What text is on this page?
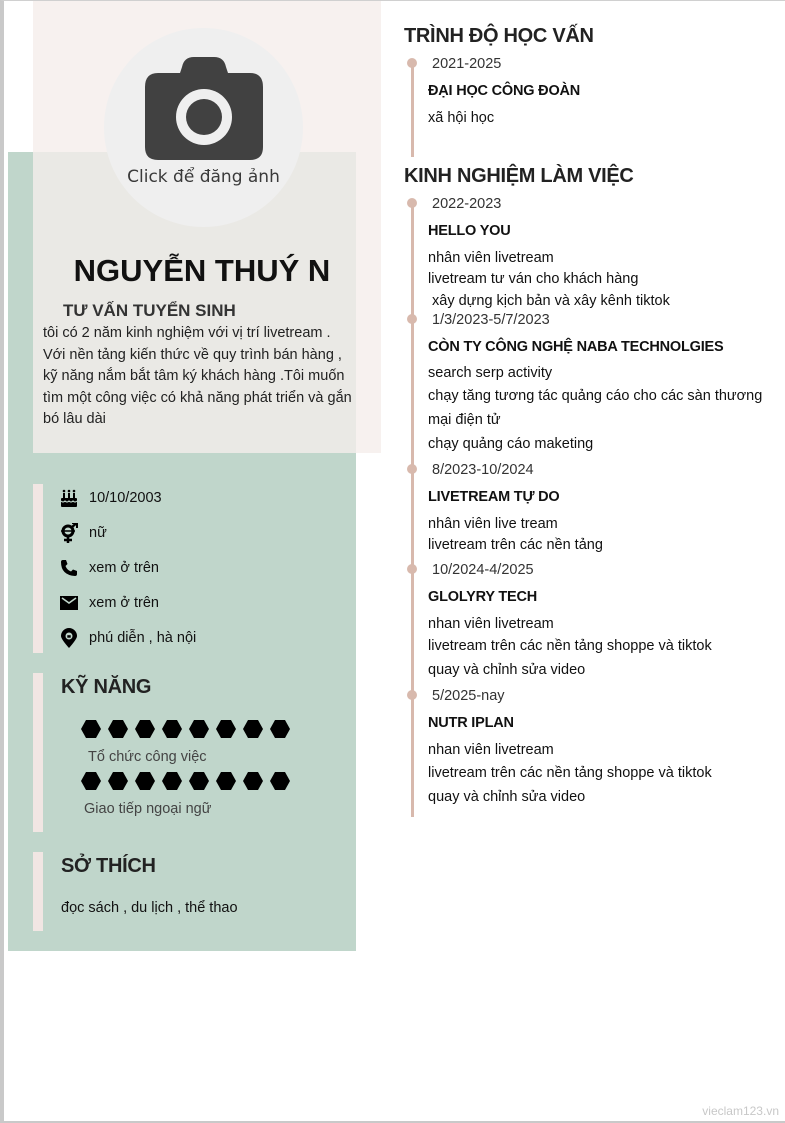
Click để đăng ảnh
NGUYỄN THUÝ N
TƯ VẤN TUYỂN SINH
tôi có 2 năm kinh nghiệm với vị trí livetream . Với nền tảng kiến thức về quy trình bán hàng , kỹ năng nắm bắt tâm ký khách hàng .Tôi muốn tìm một công việc có khả năng phát triển và gắn bó lâu dài
10/10/2003
nữ
xem ở trên
xem ở trên
phú diễn , hà nội
KỸ NĂNG
Tổ chức công việc
Giao tiếp ngoại ngữ
SỞ THÍCH
đọc sách , du lịch , thể thao
TRÌNH ĐỘ HỌC VẤN
2021-2025
ĐẠI HỌC CÔNG ĐOÀN
xã hội học
KINH NGHIỆM LÀM VIỆC
2022-2023
HELLO YOU
nhân viên livetream
livetream tư ván cho khách hàng
xây dựng kịch bản và xây kênh tiktok
1/3/2023-5/7/2023
CÒN TY CÔNG NGHỆ NABA TECHNOLGIES
search serp activity
chạy tăng tương tác quảng cáo cho các sàn thương
mại điện tử
chạy quảng cáo maketing
8/2023-10/2024
LIVETREAM TỰ DO
nhân viên live tream
livetream trên các nền tảng
10/2024-4/2025
GLOLYRY TECH
nhan viên livetream
livetream trên các nền tảng shoppe và tiktok
quay và chỉnh sửa video
5/2025-nay
NUTR IPLAN
nhan viên livetream
livetream trên các nền tảng shoppe và tiktok
quay và chỉnh sửa video
vieclam123.vn
